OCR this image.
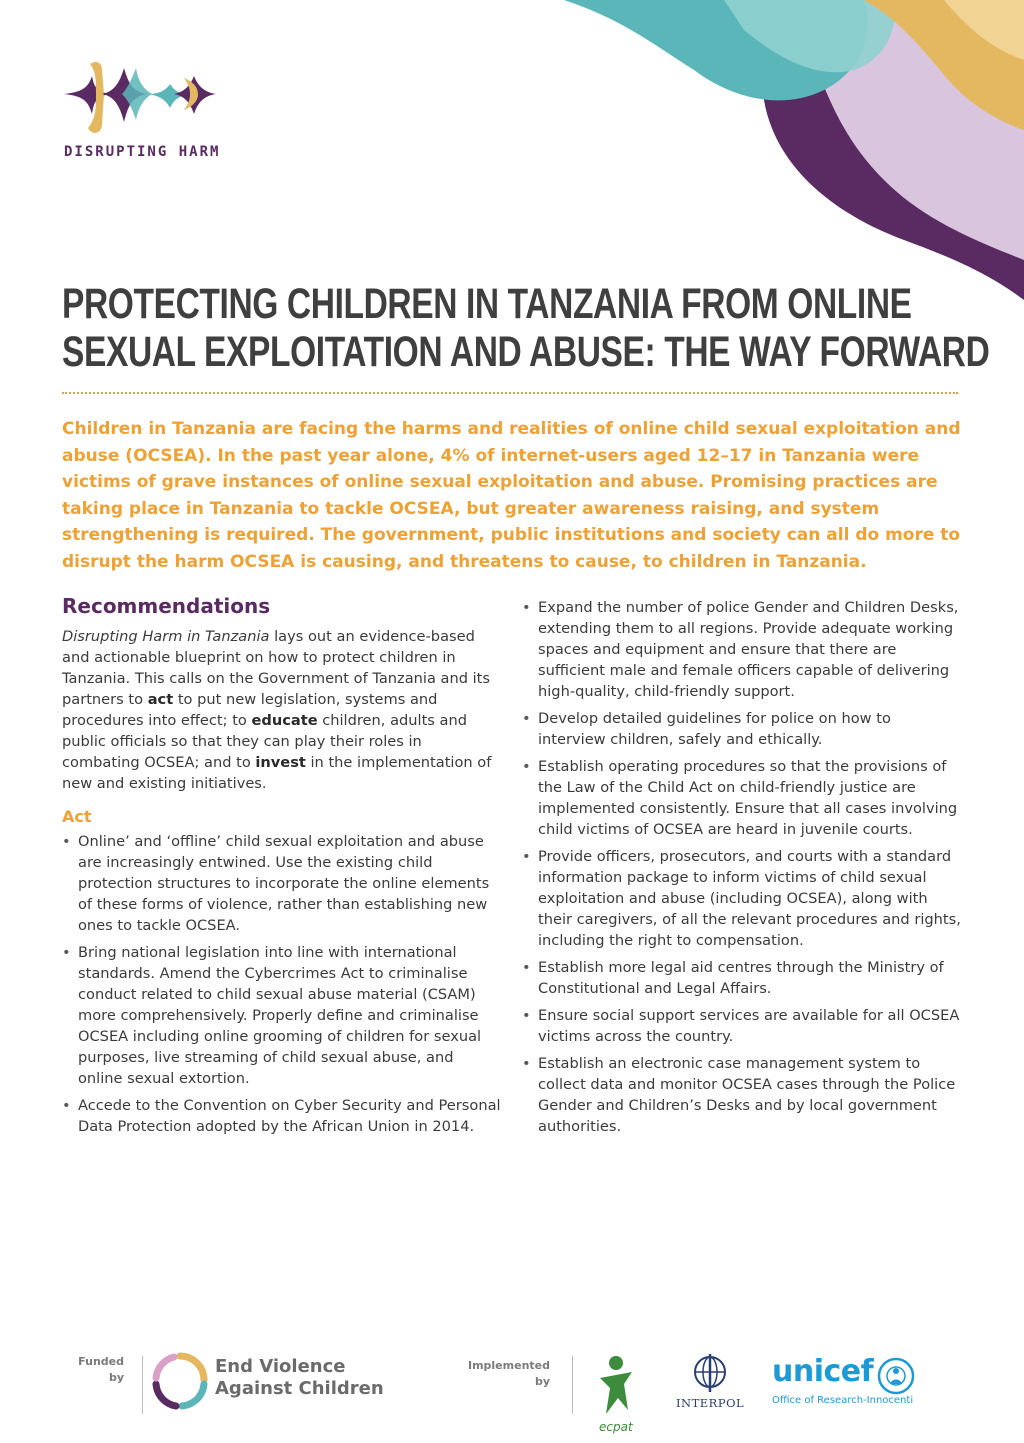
DISRUPTING HARM
PROTECTING CHILDREN IN TANZANIA FROM ONLINE
SEXUAL EXPLOITATION AND ABUSE: THE WAY FORWARD

Children in Tanzania are facing the harms and realities of online child sexual exploitation and abuse (OCSEA). In the past year alone, 4% of internet-users aged 12–17 in Tanzania were victims of grave instances of online sexual exploitation and abuse. Promising practices are taking place in Tanzania to tackle OCSEA, but greater awareness raising, and system strengthening is required. The government, public institutions and society can all do more to disrupt the harm OCSEA is causing, and threatens to cause, to children in Tanzania.

Recommendations

Disrupting Harm in Tanzania lays out an evidence-based and actionable blueprint on how to protect children in Tanzania. This calls on the Government of Tanzania and its partners to act to put new legislation, systems and procedures into effect; to educate children, adults and public officials so that they can play their roles in combating OCSEA; and to invest in the implementation of new and existing initiatives.

Act
• Online’ and ‘offline’ child sexual exploitation and abuse are increasingly entwined. Use the existing child protection structures to incorporate the online elements of these forms of violence, rather than establishing new ones to tackle OCSEA.
• Bring national legislation into line with international standards. Amend the Cybercrimes Act to criminalise conduct related to child sexual abuse material (CSAM) more comprehensively. Properly define and criminalise OCSEA including online grooming of children for sexual purposes, live streaming of child sexual abuse, and online sexual extortion.
• Accede to the Convention on Cyber Security and Personal Data Protection adopted by the African Union in 2014.
• Expand the number of police Gender and Children Desks, extending them to all regions. Provide adequate working spaces and equipment and ensure that there are sufficient male and female officers capable of delivering high-quality, child-friendly support.
• Develop detailed guidelines for police on how to interview children, safely and ethically.
• Establish operating procedures so that the provisions of the Law of the Child Act on child-friendly justice are implemented consistently. Ensure that all cases involving child victims of OCSEA are heard in juvenile courts.
• Provide officers, prosecutors, and courts with a standard information package to inform victims of child sexual exploitation and abuse (including OCSEA), along with their caregivers, of all the relevant procedures and rights, including the right to compensation.
• Establish more legal aid centres through the Ministry of Constitutional and Legal Affairs.
• Ensure social support services are available for all OCSEA victims across the country.
• Establish an electronic case management system to collect data and monitor OCSEA cases through the Police Gender and Children’s Desks and by local government authorities.
Funded
by
End Violence
Against Children
Implemented
by
ecpat
INTERPOL
unicef
Office of Research-Innocenti
